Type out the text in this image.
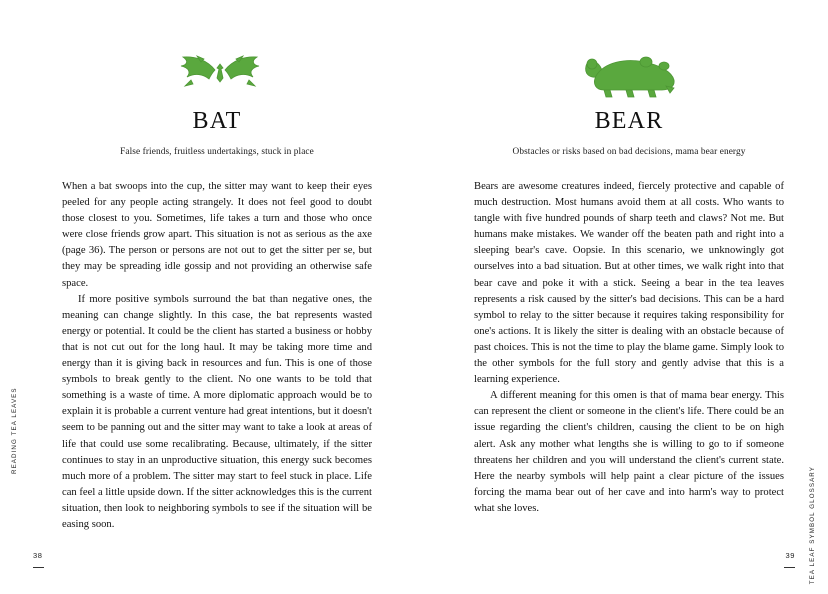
BAT
False friends, fruitless undertakings, stuck in place

When a bat swoops into the cup, the sitter may want to keep their eyes peeled for any people acting strangely. It does not feel good to doubt those closest to you. Sometimes, life takes a turn and those who once were close friends grow apart. This situation is not as serious as the axe (page 36). The person or persons are not out to get the sitter per se, but they may be spreading idle gossip and not providing an otherwise safe space.

If more positive symbols surround the bat than negative ones, the meaning can change slightly. In this case, the bat represents wasted energy or potential. It could be the client has started a business or hobby that is not cut out for the long haul. It may be taking more time and energy than it is giving back in resources and fun. This is one of those symbols to break gently to the client. No one wants to be told that something is a waste of time. A more diplomatic approach would be to explain it is probable a current venture had great intentions, but it doesn't seem to be panning out and the sitter may want to take a look at areas of life that could use some recalibrating. Because, ultimately, if the sitter continues to stay in an unproductive situation, this energy suck becomes much more of a problem. The sitter may start to feel stuck in place. Life can feel a little upside down. If the sitter acknowledges this is the current situation, then look to neighboring symbols to see if the situation will be easing soon.

READING TEA LEAVES
38
BEAR
Obstacles or risks based on bad decisions, mama bear energy

Bears are awesome creatures indeed, fiercely protective and capable of much destruction. Most humans avoid them at all costs. Who wants to tangle with five hundred pounds of sharp teeth and claws? Not me. But humans make mistakes. We wander off the beaten path and right into a sleeping bear's cave. Oopsie. In this scenario, we unknowingly got ourselves into a bad situation. But at other times, we walk right into that bear cave and poke it with a stick. Seeing a bear in the tea leaves represents a risk caused by the sitter's bad decisions. This can be a hard symbol to relay to the sitter because it requires taking responsibility for one's actions. It is likely the sitter is dealing with an obstacle because of past choices. This is not the time to play the blame game. Simply look to the other symbols for the full story and gently advise that this is a learning experience.

A different meaning for this omen is that of mama bear energy. This can represent the client or someone in the client's life. There could be an issue regarding the client's children, causing the client to be on high alert. Ask any mother what lengths she is willing to go to if someone threatens her children and you will understand the client's current state. Here the nearby symbols will help paint a clear picture of the issues forcing the mama bear out of her cave and into harm's way to protect what she loves.	TEA LEAF SYMBOL GLOSSARY
39
